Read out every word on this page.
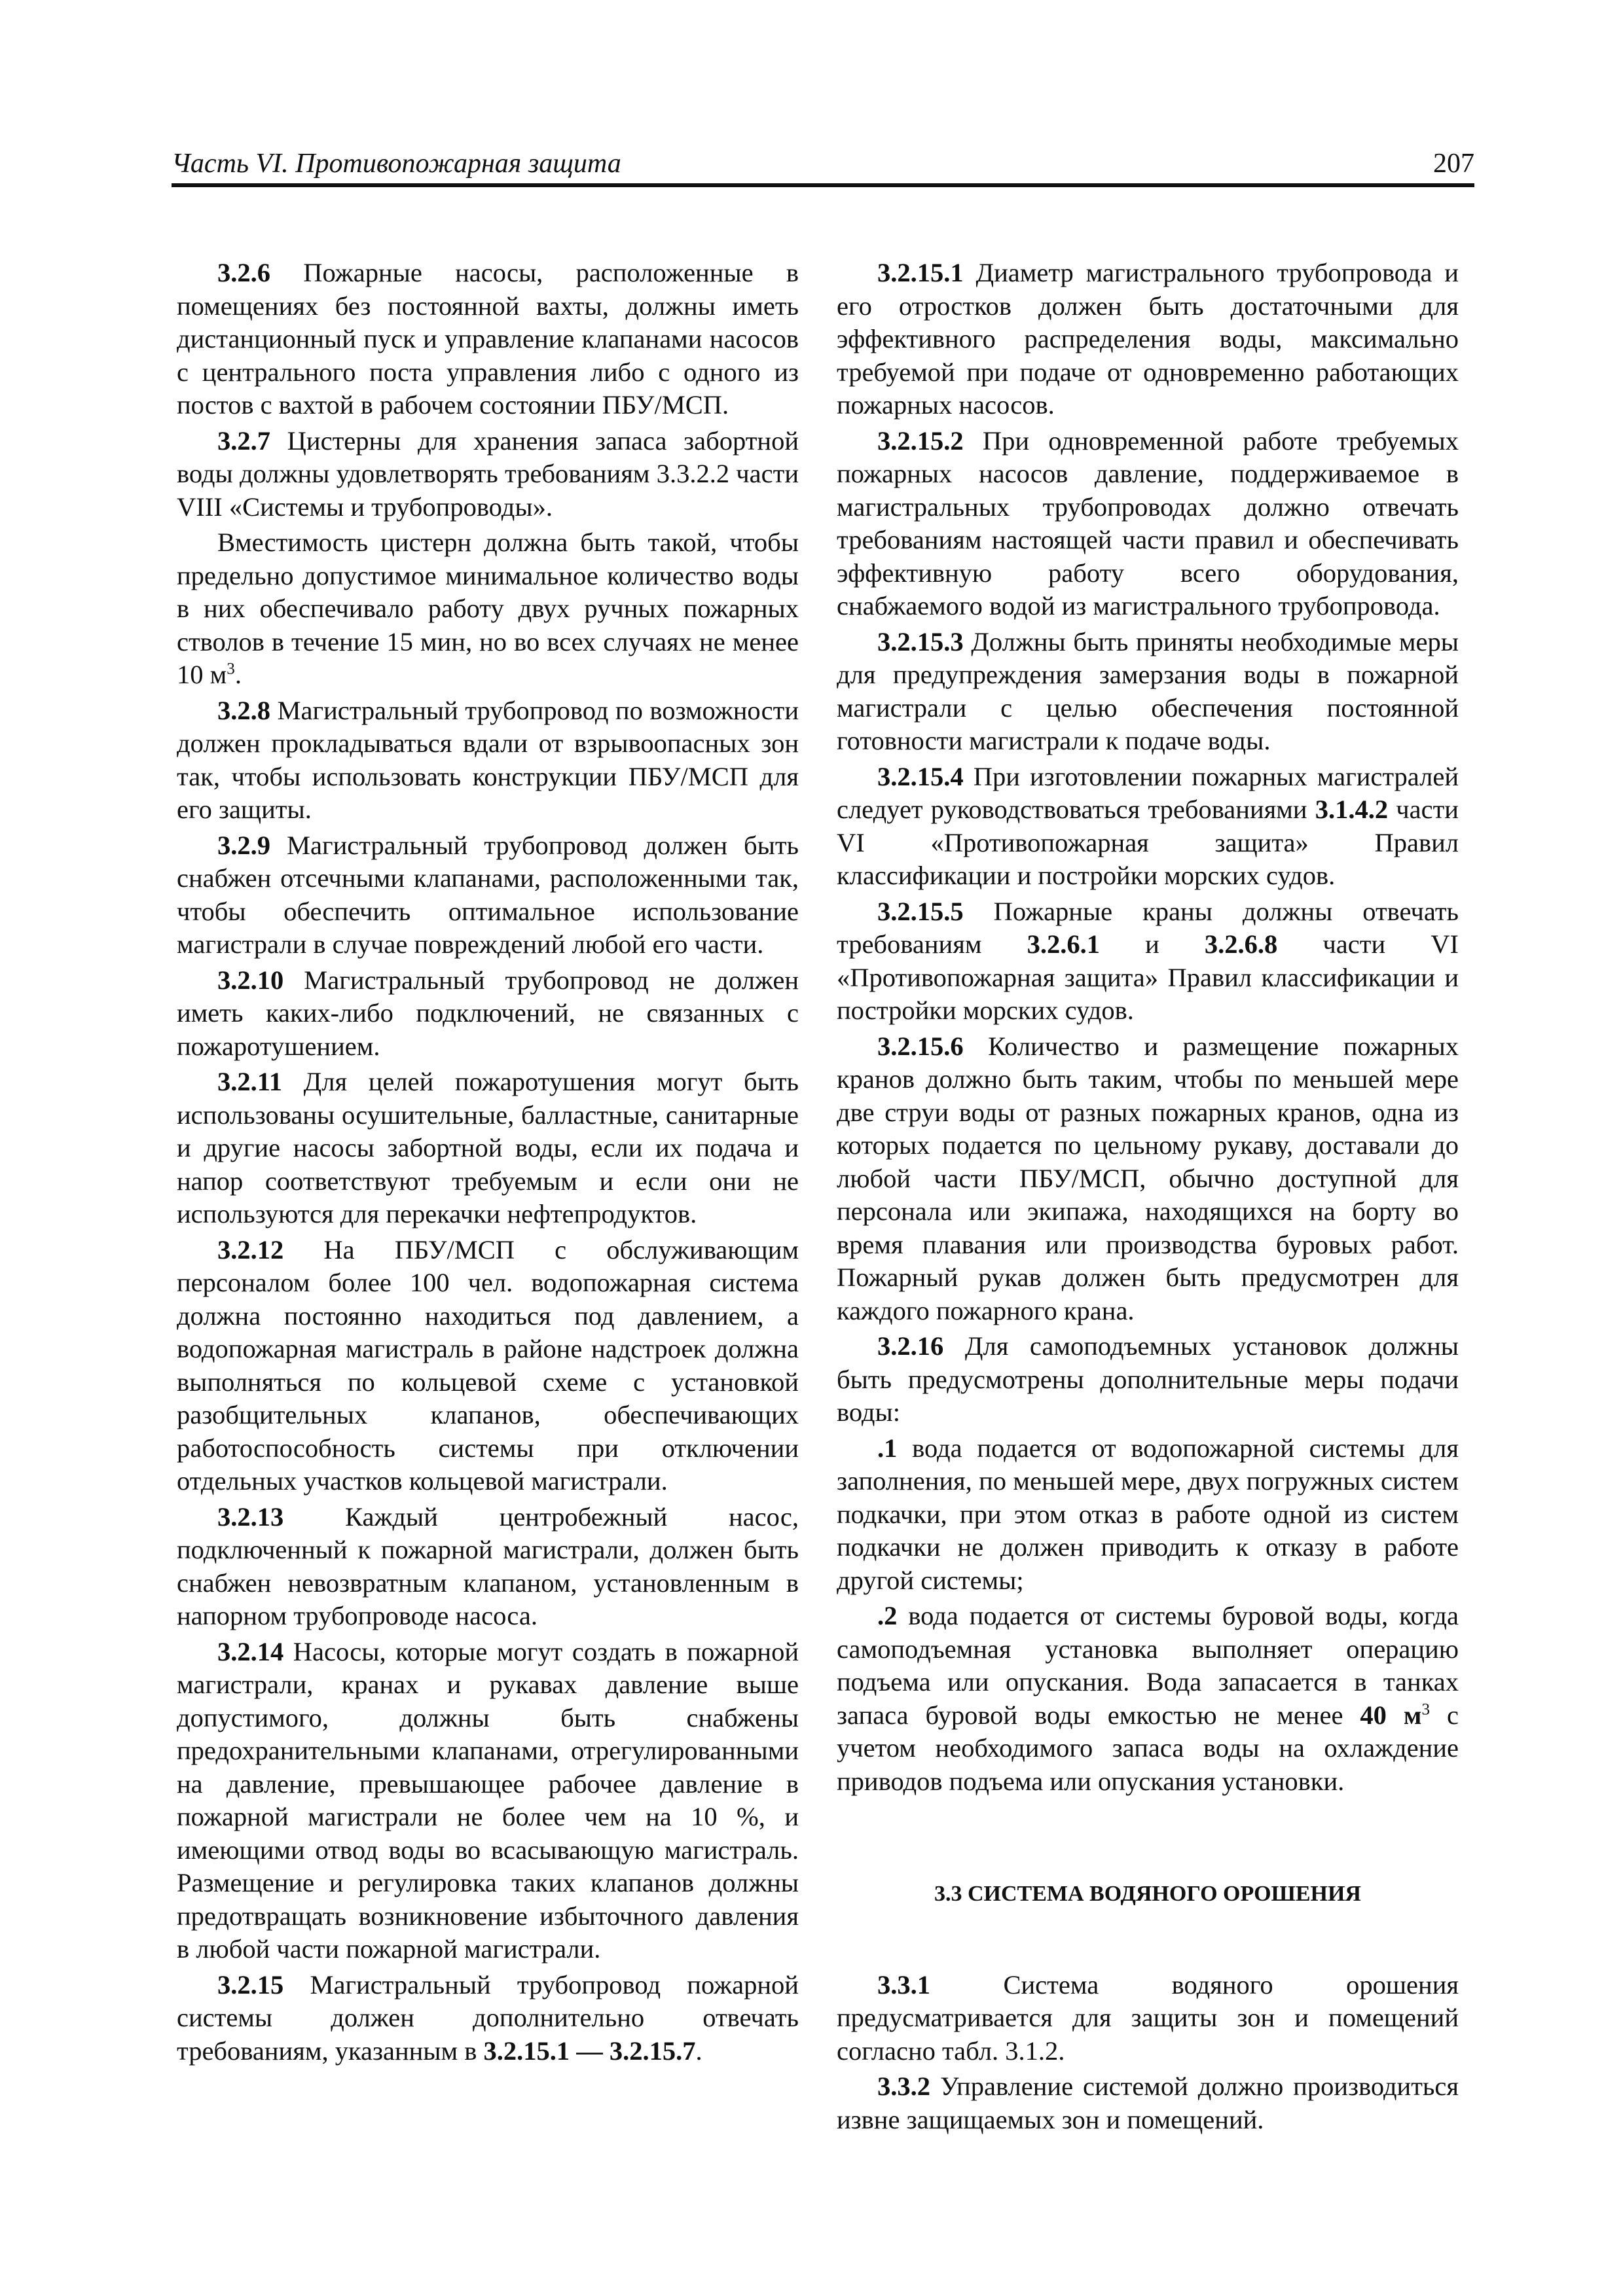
Часть VI. Противопожарная защита	207

3.2.6 Пожарные насосы, расположенные в помещениях без постоянной вахты, должны иметь дистанционный пуск и управление клапанами насосов с центрального поста управления либо с одного из постов с вахтой в рабочем состоянии ПБУ/МСП.

3.2.7 Цистерны для хранения запаса забортной воды должны удовлетворять требованиям 3.3.2.2 части VIII «Системы и трубопроводы».

Вместимость цистерн должна быть такой, чтобы предельно допустимое минимальное количество воды в них обеспечивало работу двух ручных пожарных стволов в течение 15 мин, но во всех случаях не менее 10 $м^3$.

3.2.8 Магистральный трубопровод по возможности должен прокладываться вдали от взрывоопасных зон так, чтобы использовать конструкции ПБУ/МСП для его защиты.

3.2.9 Магистральный трубопровод должен быть снабжен отсечными клапанами, расположенными так, чтобы обеспечить оптимальное использование магистрали в случае повреждений любой его части.

3.2.10 Магистральный трубопровод не должен иметь каких-либо подключений, не связанных с пожаротушением.

3.2.11 Для целей пожаротушения могут быть использованы осушительные, балластные, санитарные и другие насосы забортной воды, если их подача и напор соответствуют требуемым и если они не используются для перекачки нефтепродуктов.

3.2.12 На ПБУ/МСП с обслуживающим персоналом более 100 чел. водопожарная система должна постоянно находиться под давлением, а водопожарная магистраль в районе надстроек должна выполняться по кольцевой схеме с установкой разобщительных клапанов, обеспечивающих работоспособность системы при отключении отдельных участков кольцевой магистрали.

3.2.13 Каждый центробежный насос, подключенный к пожарной магистрали, должен быть снабжен невозвратным клапаном, установленным в напорном трубопроводе насоса.

3.2.14 Насосы, которые могут создать в пожарной магистрали, кранах и рукавах давление выше допустимого, должны быть снабжены предохранительными клапанами, отрегулированными на давление, превышающее рабочее давление в пожарной магистрали не более чем на 10 %, и имеющими отвод воды во всасывающую магистраль. Размещение и регулировка таких клапанов должны предотвращать возникновение избыточного давления в любой части пожарной магистрали.

3.2.15 Магистральный трубопровод пожарной системы должен дополнительно отвечать требованиям, указанным в 3.2.15.1 — 3.2.15.7.

3.2.15.1 Диаметр магистрального трубопровода и его отростков должен быть достаточными для эффективного распределения воды, максимально требуемой при подаче от одновременно работающих пожарных насосов.

3.2.15.2 При одновременной работе требуемых пожарных насосов давление, поддерживаемое в магистральных трубопроводах должно отвечать требованиям настоящей части правил и обеспечивать эффективную работу всего оборудования, снабжаемого водой из магистрального трубопровода.

3.2.15.3 Должны быть приняты необходимые меры для предупреждения замерзания воды в пожарной магистрали с целью обеспечения постоянной готовности магистрали к подаче воды.

3.2.15.4 При изготовлении пожарных магистралей следует руководствоваться требованиями 3.1.4.2 части VI «Противопожарная защита» Правил классификации и постройки морских судов.

3.2.15.5 Пожарные краны должны отвечать требованиям 3.2.6.1 и 3.2.6.8 части VI «Противопожарная защита» Правил классификации и постройки морских судов.

3.2.15.6 Количество и размещение пожарных кранов должно быть таким, чтобы по меньшей мере две струи воды от разных пожарных кранов, одна из которых подается по цельному рукаву, доставали до любой части ПБУ/МСП, обычно доступной для персонала или экипажа, находящихся на борту во время плавания или производства буровых работ. Пожарный рукав должен быть предусмотрен для каждого пожарного крана.

3.2.16 Для самоподъемных установок должны быть предусмотрены дополнительные меры подачи воды:

.1 вода подается от водопожарной системы для заполнения, по меньшей мере, двух погружных систем подкачки, при этом отказ в работе одной из систем подкачки не должен приводить к отказу в работе другой системы;

.2 вода подается от системы буровой воды, когда самоподъемная установка выполняет операцию подъема или опускания. Вода запасается в танках запаса буровой воды емкостью не менее 40 $м^3$ с учетом необходимого запаса воды на охлаждение приводов подъема или опускания установки.

3.3 СИСТЕМА ВОДЯНОГО ОРОШЕНИЯ

3.3.1 Система водяного орошения предусматривается для защиты зон и помещений согласно табл. 3.1.2.

3.3.2 Управление системой должно производиться извне защищаемых зон и помещений.
